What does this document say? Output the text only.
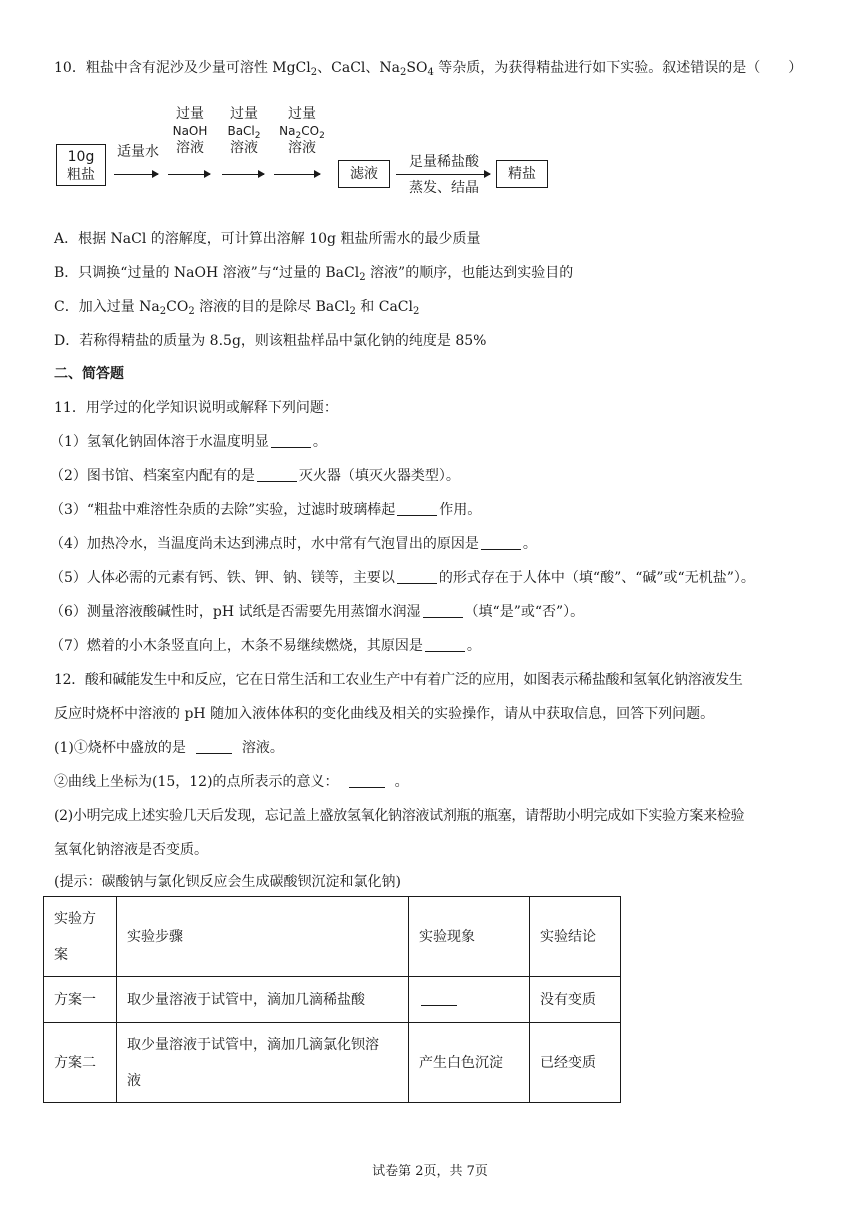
10．粗盐中含有泥沙及少量可溶性 MgCl$_2$、CaCl、$Na_2SO_4$ 等杂质，为获得精盐进行如下实验。叙述错误的是（　　）
10g
粗盐
适量水
过量
NaOH
溶液
过量
BaCl$_2$
溶液
过量
$Na_2CO_2$
溶液
滤液
足量稀盐酸
蒸发、结晶
精盐
A．根据 NaCl 的溶解度，可计算出溶解 10g 粗盐所需水的最少质量
B．只调换“过量的 NaOH 溶液”与“过量的 BaCl$_2$ 溶液”的顺序，也能达到实验目的
C．加入过量 $Na_2CO_2$ 溶液的目的是除尽 BaCl$_2$ 和 CaCl$_2$
D．若称得精盐的质量为 8.5g，则该粗盐样品中氯化钠的纯度是 85%
二、简答题
11．用学过的化学知识说明或解释下列问题：
（1）氢氧化钠固体溶于水温度明显	。
（2）图书馆、档案室内配有的是	灭火器（填灭火器类型）。
（3）“粗盐中难溶性杂质的去除”实验，过滤时玻璃棒起	作用。
（4）加热冷水，当温度尚未达到沸点时，水中常有气泡冒出的原因是	。
（5）人体必需的元素有钙、铁、钾、钠、镁等，主要以	的形式存在于人体中（填“酸”、“碱”或“无机盐”）。
（6）测量溶液酸碱性时，pH 试纸是否需要先用蒸馏水润湿	（填“是”或“否”）。
（7）燃着的小木条竖直向上，木条不易继续燃烧，其原因是	。
12．酸和碱能发生中和反应，它在日常生活和工农业生产中有着广泛的应用，如图表示稀盐酸和氢氧化钠溶液发生
反应时烧杯中溶液的 pH 随加入液体体积的变化曲线及相关的实验操作，请从中获取信息，回答下列问题。
(1)①烧杯中盛放的是	溶液。
②曲线上坐标为(15，12)的点所表示的意义：	。
(2)小明完成上述实验几天后发现，忘记盖上盛放氢氧化钠溶液试剂瓶的瓶塞，请帮助小明完成如下实验方案来检验
氢氧化钠溶液是否变质。
(提示：碳酸钠与氯化钡反应会生成碳酸钡沉淀和氯化钠)
实验方
案	实验步骤	实验现象	实验结论
方案一	取少量溶液于试管中，滴加几滴稀盐酸		没有变质
方案二	取少量溶液于试管中，滴加几滴氯化钡溶
液	产生白色沉淀	已经变质
试卷第 2页，共 7页
